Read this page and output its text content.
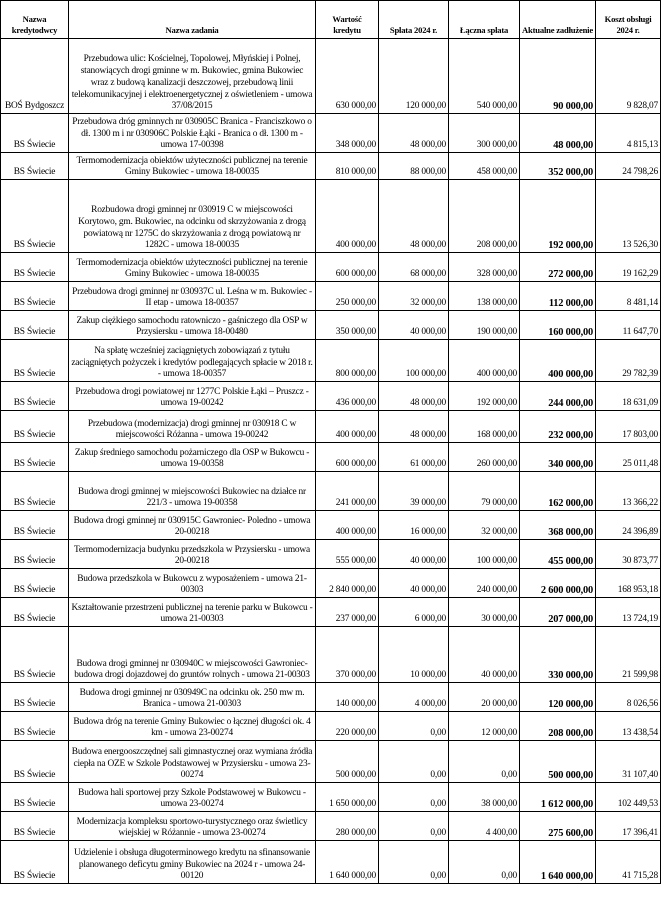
Nazwa kredytodwcy	Nazwa zadania	Wartość kredytu	Spłata 2024 r.	Łączna spłata	Aktualne zadłużenie	Koszt obsługi 2024 r.
BOŚ Bydgoszcz	Przebudowa ulic: Kościelnej, Topolowej, Młyńskiej i Polnej, stanowiących drogi gminne w m. Bukowiec, gmina Bukowiec wraz z budową kanalizacji deszczowej, przebudową linii telekomunikacyjnej i elektroenergetycznej z oświetleniem - umowa 37/08/2015	630 000,00	120 000,00	540 000,00	90 000,00	9 828,07
BS Świecie	Przebudowa dróg gminnych nr 030905C Branica - Franciszkowo o dł. 1300 m i nr 030906C Polskie Łąki - Branica o dł. 1300 m - umowa 17-00398	348 000,00	48 000,00	300 000,00	48 000,00	4 815,13
BS Świecie	Termomodernizacja obiektów użyteczności publicznej na terenie Gminy Bukowiec - umowa 18-00035	810 000,00	88 000,00	458 000,00	352 000,00	24 798,26
BS Świecie	Rozbudowa drogi gminnej nr 030919 C w miejscowości Korytowo, gm. Bukowiec, na odcinku od skrzyżowania z drogą powiatową nr 1275C do skrzyżowania z drogą powiatową nr 1282C - umowa 18-00035	400 000,00	48 000,00	208 000,00	192 000,00	13 526,30
BS Świecie	Termomodernizacja obiektów użyteczności publicznej na terenie Gminy Bukowiec - umowa 18-00035	600 000,00	68 000,00	328 000,00	272 000,00	19 162,29
BS Świecie	Przebudowa drogi gminnej nr 030937C ul. Leśna w m. Bukowiec - II etap - umowa 18-00357	250 000,00	32 000,00	138 000,00	112 000,00	8 481,14
BS Świecie	Zakup ciężkiego samochodu ratowniczo - gaśniczego dla OSP w Przysiersku - umowa 18-00480	350 000,00	40 000,00	190 000,00	160 000,00	11 647,70
BS Świecie	Na spłatę wcześniej zaciągniętych zobowiązań z tytułu zaciągniętych pożyczek i kredytów podlegających spłacie w 2018 r. - umowa 18-00357	800 000,00	100 000,00	400 000,00	400 000,00	29 782,39
BS Świecie	Przebudowa drogi powiatowej nr 1277C Polskie Łąki – Pruszcz - umowa 19-00242	436 000,00	48 000,00	192 000,00	244 000,00	18 631,09
BS Świecie	Przebudowa (modernizacja) drogi gminnej nr 030918 C w miejscowości Różanna - umowa 19-00242	400 000,00	48 000,00	168 000,00	232 000,00	17 803,00
BS Świecie	Zakup średniego samochodu pożarniczego dla OSP w Bukowcu - umowa 19-00358	600 000,00	61 000,00	260 000,00	340 000,00	25 011,48
BS Świecie	Budowa drogi gminnej w miejscowości Bukowiec na działce nr 221/3 - umowa 19-00358	241 000,00	39 000,00	79 000,00	162 000,00	13 366,22
BS Świecie	Budowa drogi gminnej nr 030915C Gawroniec- Poledno - umowa 20-00218	400 000,00	16 000,00	32 000,00	368 000,00	24 396,89
BS Świecie	Termomodernizacja budynku przedszkola w Przysiersku - umowa 20-00218	555 000,00	40 000,00	100 000,00	455 000,00	30 873,77
BS Świecie	Budowa przedszkola w Bukowcu z wyposażeniem - umowa 21-00303	2 840 000,00	40 000,00	240 000,00	2 600 000,00	168 953,18
BS Świecie	Kształtowanie przestrzeni publicznej na terenie parku w Bukowcu - umowa 21-00303	237 000,00	6 000,00	30 000,00	207 000,00	13 724,19
BS Świecie	Budowa drogi gminnej nr 030940C w miejscowości Gawroniec-budowa drogi dojazdowej do gruntów rolnych - umowa 21-00303	370 000,00	10 000,00	40 000,00	330 000,00	21 599,98
BS Świecie	Budowa drogi gminnej nr 030949C na odcinku ok. 250 mw m. Branica - umowa 21-00303	140 000,00	4 000,00	20 000,00	120 000,00	8 026,56
BS Świecie	Budowa dróg na terenie Gminy Bukowiec o łącznej długości ok. 4 km - umowa 23-00274	220 000,00	0,00	12 000,00	208 000,00	13 438,54
BS Świecie	Budowa energooszczędnej sali gimnastycznej oraz wymiana źródła ciepła na OZE w Szkole Podstawowej w Przysiersku - umowa 23-00274	500 000,00	0,00	0,00	500 000,00	31 107,40
BS Świecie	Budowa hali sportowej przy Szkole Podstawowej w Bukowcu - umowa 23-00274	1 650 000,00	0,00	38 000,00	1 612 000,00	102 449,53
BS Świecie	Modernizacja kompleksu sportowo-turystycznego oraz świetlicy wiejskiej w Różannie - umowa 23-00274	280 000,00	0,00	4 400,00	275 600,00	17 396,41
BS Świecie	Udzielenie i obsługa długoterminowego kredytu na sfinansowanie planowanego deficytu gminy Bukowiec na 2024 r - umowa 24-00120	1 640 000,00	0,00	0,00	1 640 000,00	41 715,28
